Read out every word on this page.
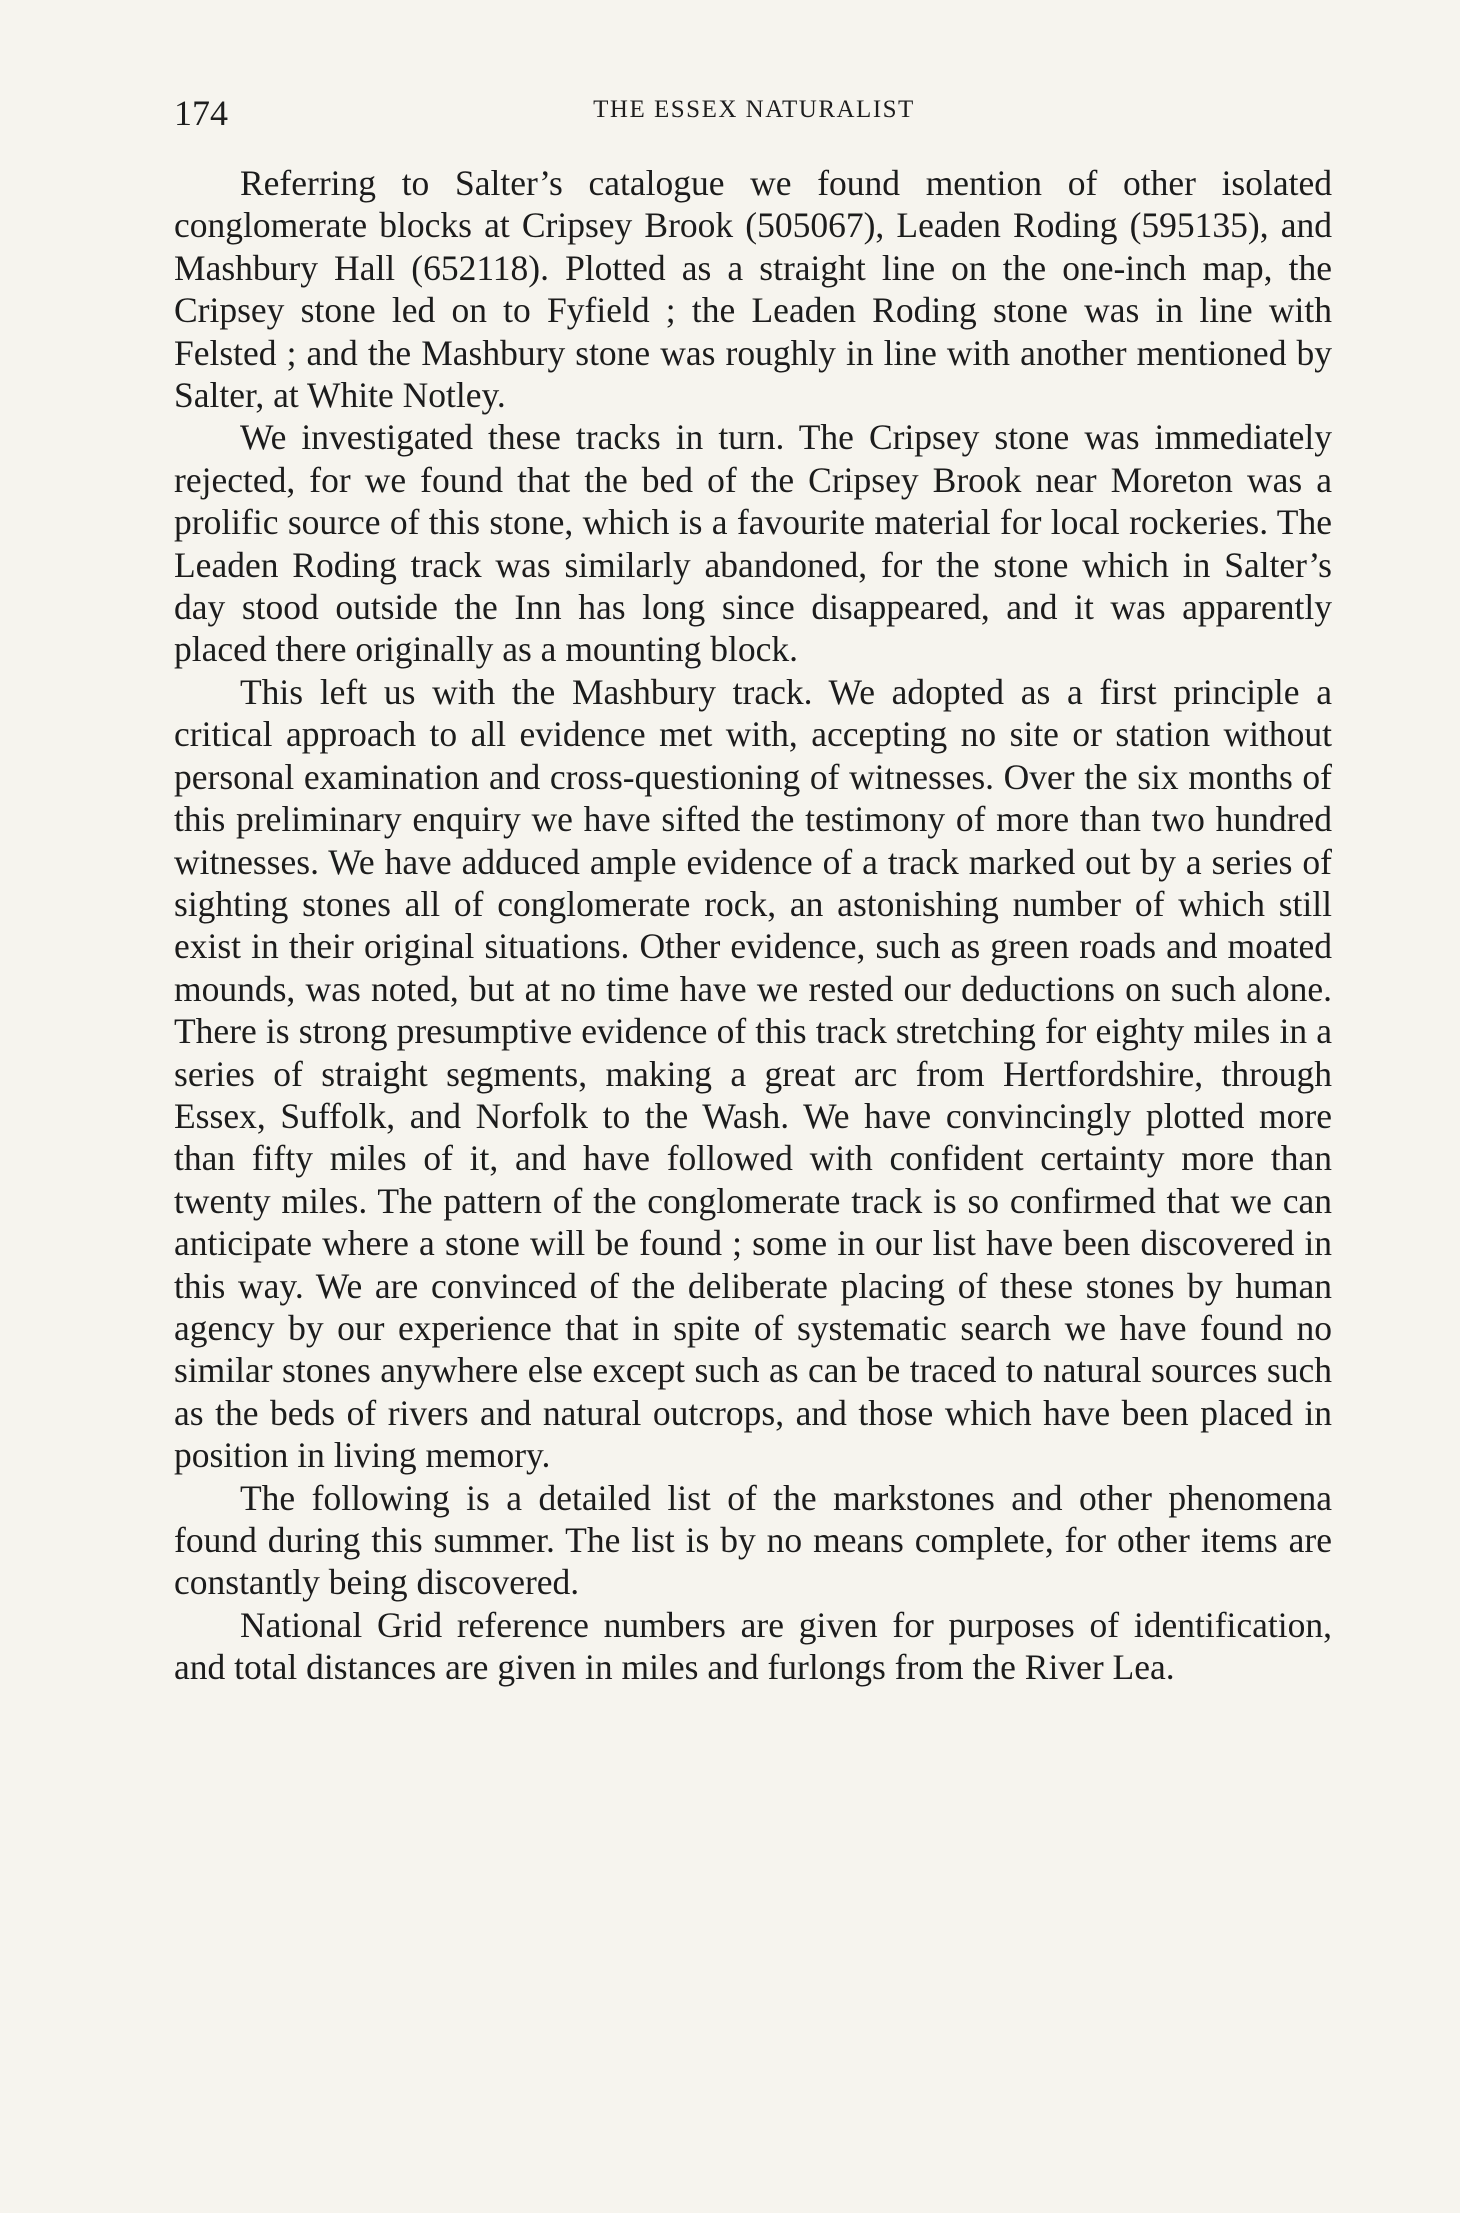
174	THE ESSEX NATURALIST

Referring to Salter’s catalogue we found mention of other isolated conglomerate blocks at Cripsey Brook (505067), Leaden Roding (595135), and Mashbury Hall (652118). Plotted as a straight line on the one-inch map, the Cripsey stone led on to Fyfield ; the Leaden Roding stone was in line with Felsted ; and the Mashbury stone was roughly in line with another mentioned by Salter, at White Notley.

We investigated these tracks in turn. The Cripsey stone was immediately rejected, for we found that the bed of the Cripsey Brook near Moreton was a prolific source of this stone, which is a favourite material for local rockeries. The Leaden Roding track was similarly abandoned, for the stone which in Salter’s day stood outside the Inn has long since disappeared, and it was apparently placed there originally as a mounting block.

This left us with the Mashbury track. We adopted as a first principle a critical approach to all evidence met with, accepting no site or station without personal examination and cross-questioning of witnesses. Over the six months of this preliminary enquiry we have sifted the testimony of more than two hundred witnesses. We have adduced ample evidence of a track marked out by a series of sighting stones all of conglomerate rock, an astonishing number of which still exist in their original situations. Other evidence, such as green roads and moated mounds, was noted, but at no time have we rested our deductions on such alone. There is strong presumptive evidence of this track stretching for eighty miles in a series of straight segments, making a great arc from Hertfordshire, through Essex, Suffolk, and Norfolk to the Wash. We have convincingly plotted more than fifty miles of it, and have followed with confident certainty more than twenty miles. The pattern of the conglomerate track is so confirmed that we can anticipate where a stone will be found ; some in our list have been discovered in this way. We are convinced of the deliberate placing of these stones by human agency by our experience that in spite of systematic search we have found no similar stones anywhere else except such as can be traced to natural sources such as the beds of rivers and natural outcrops, and those which have been placed in position in living memory.

The following is a detailed list of the markstones and other phenomena found during this summer. The list is by no means complete, for other items are constantly being discovered.

National Grid reference numbers are given for purposes of identification, and total distances are given in miles and furlongs from the River Lea.
